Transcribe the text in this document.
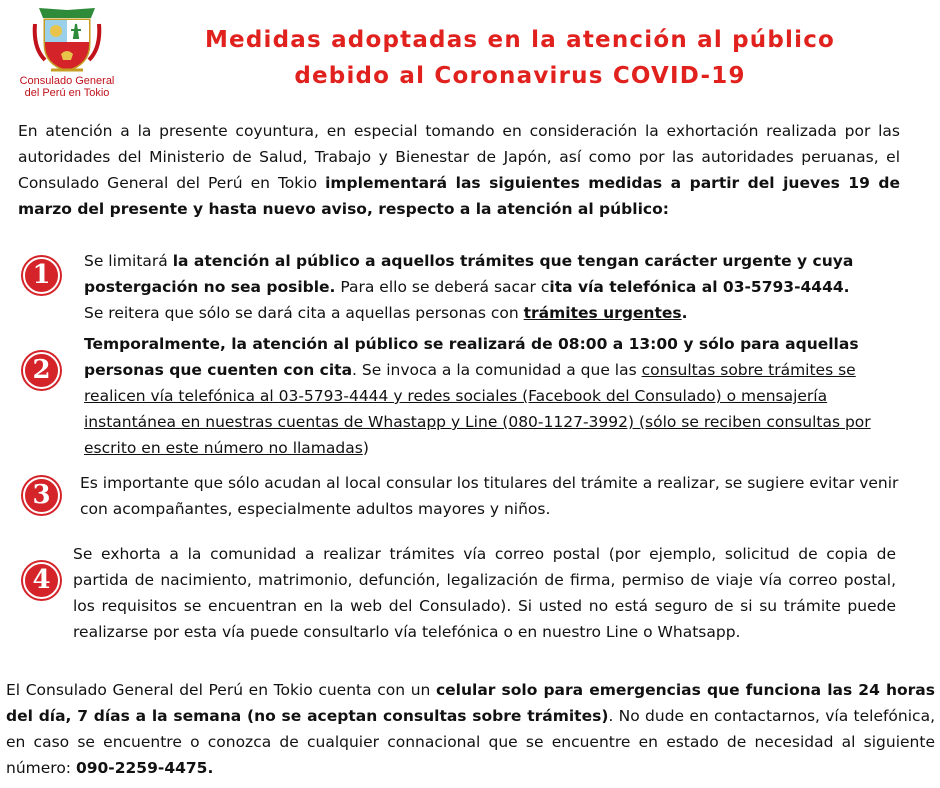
Consulado General
del Perú en Tokio
Medidas adoptadas en la atención al público
debido al Coronavirus COVID-19
En atención a la presente coyuntura, en especial tomando en consideración la exhortación realizada por las autoridades del Ministerio de Salud, Trabajo y Bienestar de Japón, así como por las autoridades peruanas, el Consulado General del Perú en Tokio implementará las siguientes medidas a partir del jueves 19 de marzo del presente y hasta nuevo aviso, respecto a la atención al público:
1	Se limitará la atención al público a aquellos trámites que tengan carácter urgente y cuya postergación no sea posible. Para ello se deberá sacar cita vía telefónica al 03-5793-4444.
Se reitera que sólo se dará cita a aquellas personas con trámites urgentes.
2
Temporalmente, la atención al público se realizará de 08:00 a 13:00 y sólo para aquellas personas que cuenten con cita. Se invoca a la comunidad a que las consultas sobre trámites se realicen vía telefónica al 03-5793-4444 y redes sociales (Facebook del Consulado) o mensajería instantánea en nuestras cuentas de Whastapp y Line (080-1127-3992) (sólo se reciben consultas por escrito en este número no llamadas)
3	Es importante que sólo acudan al local consular los titulares del trámite a realizar, se sugiere evitar venir con acompañantes, especialmente adultos mayores y niños.
4
Se exhorta a la comunidad a realizar trámites vía correo postal (por ejemplo, solicitud de copia de partida de nacimiento, matrimonio, defunción, legalización de firma, permiso de viaje vía correo postal, los requisitos se encuentran en la web del Consulado). Si usted no está seguro de si su trámite puede realizarse por esta vía puede consultarlo vía telefónica o en nuestro Line o Whatsapp.
El Consulado General del Perú en Tokio cuenta con un celular solo para emergencias que funciona las 24 horas del día, 7 días a la semana (no se aceptan consultas sobre trámites). No dude en contactarnos, vía telefónica, en caso se encuentre o conozca de cualquier connacional que se encuentre en estado de necesidad al siguiente número: 090-2259-4475.
